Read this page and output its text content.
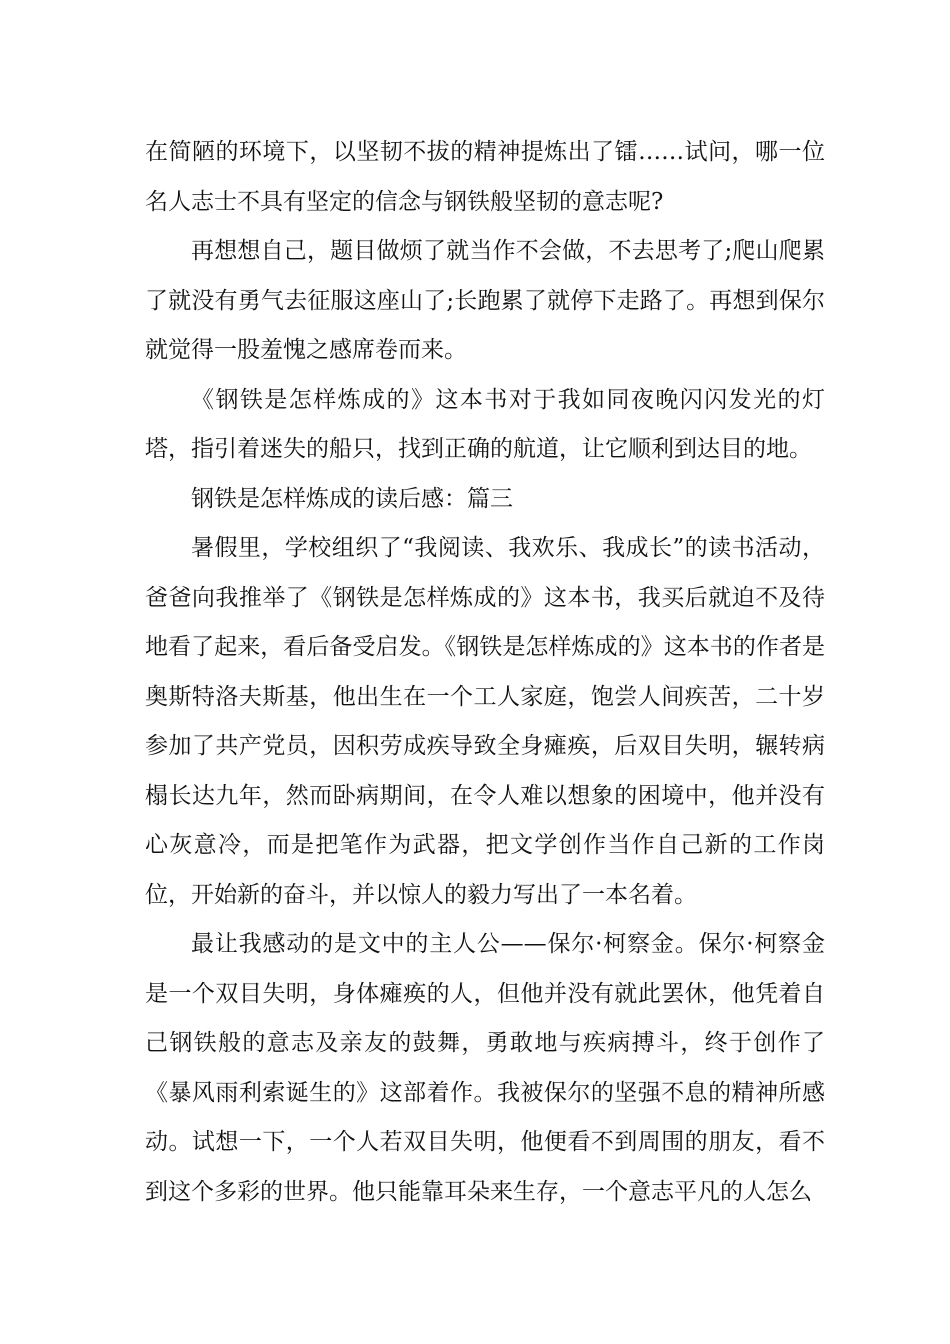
在简陋的环境下，以坚韧不拔的精神提炼出了镭……试问，哪一位名人志士不具有坚定的信念与钢铁般坚韧的意志呢?

再想想自己，题目做烦了就当作不会做，不去思考了;爬山爬累了就没有勇气去征服这座山了;长跑累了就停下走路了。再想到保尔就觉得一股羞愧之感席卷而来。

《钢铁是怎样炼成的》这本书对于我如同夜晚闪闪发光的灯塔，指引着迷失的船只，找到正确的航道，让它顺利到达目的地。

钢铁是怎样炼成的读后感：篇三

暑假里，学校组织了“我阅读、我欢乐、我成长”的读书活动，爸爸向我推举了《钢铁是怎样炼成的》这本书，我买后就迫不及待地看了起来，看后备受启发。《钢铁是怎样炼成的》这本书的作者是奥斯特洛夫斯基，他出生在一个工人家庭，饱尝人间疾苦，二十岁参加了共产党员，因积劳成疾导致全身瘫痪，后双目失明，辗转病榻长达九年，然而卧病期间，在令人难以想象的困境中，他并没有心灰意冷，而是把笔作为武器，把文学创作当作自己新的工作岗位，开始新的奋斗，并以惊人的毅力写出了一本名着。

最让我感动的是文中的主人公——保尔·柯察金。保尔·柯察金是一个双目失明，身体瘫痪的人，但他并没有就此罢休，他凭着自己钢铁般的意志及亲友的鼓舞，勇敢地与疾病搏斗，终于创作了《暴风雨利索诞生的》这部着作。我被保尔的坚强不息的精神所感动。试想一下，一个人若双目失明，他便看不到周围的朋友，看不到这个多彩的世界。他只能靠耳朵来生存，一个意志平凡的人怎么
